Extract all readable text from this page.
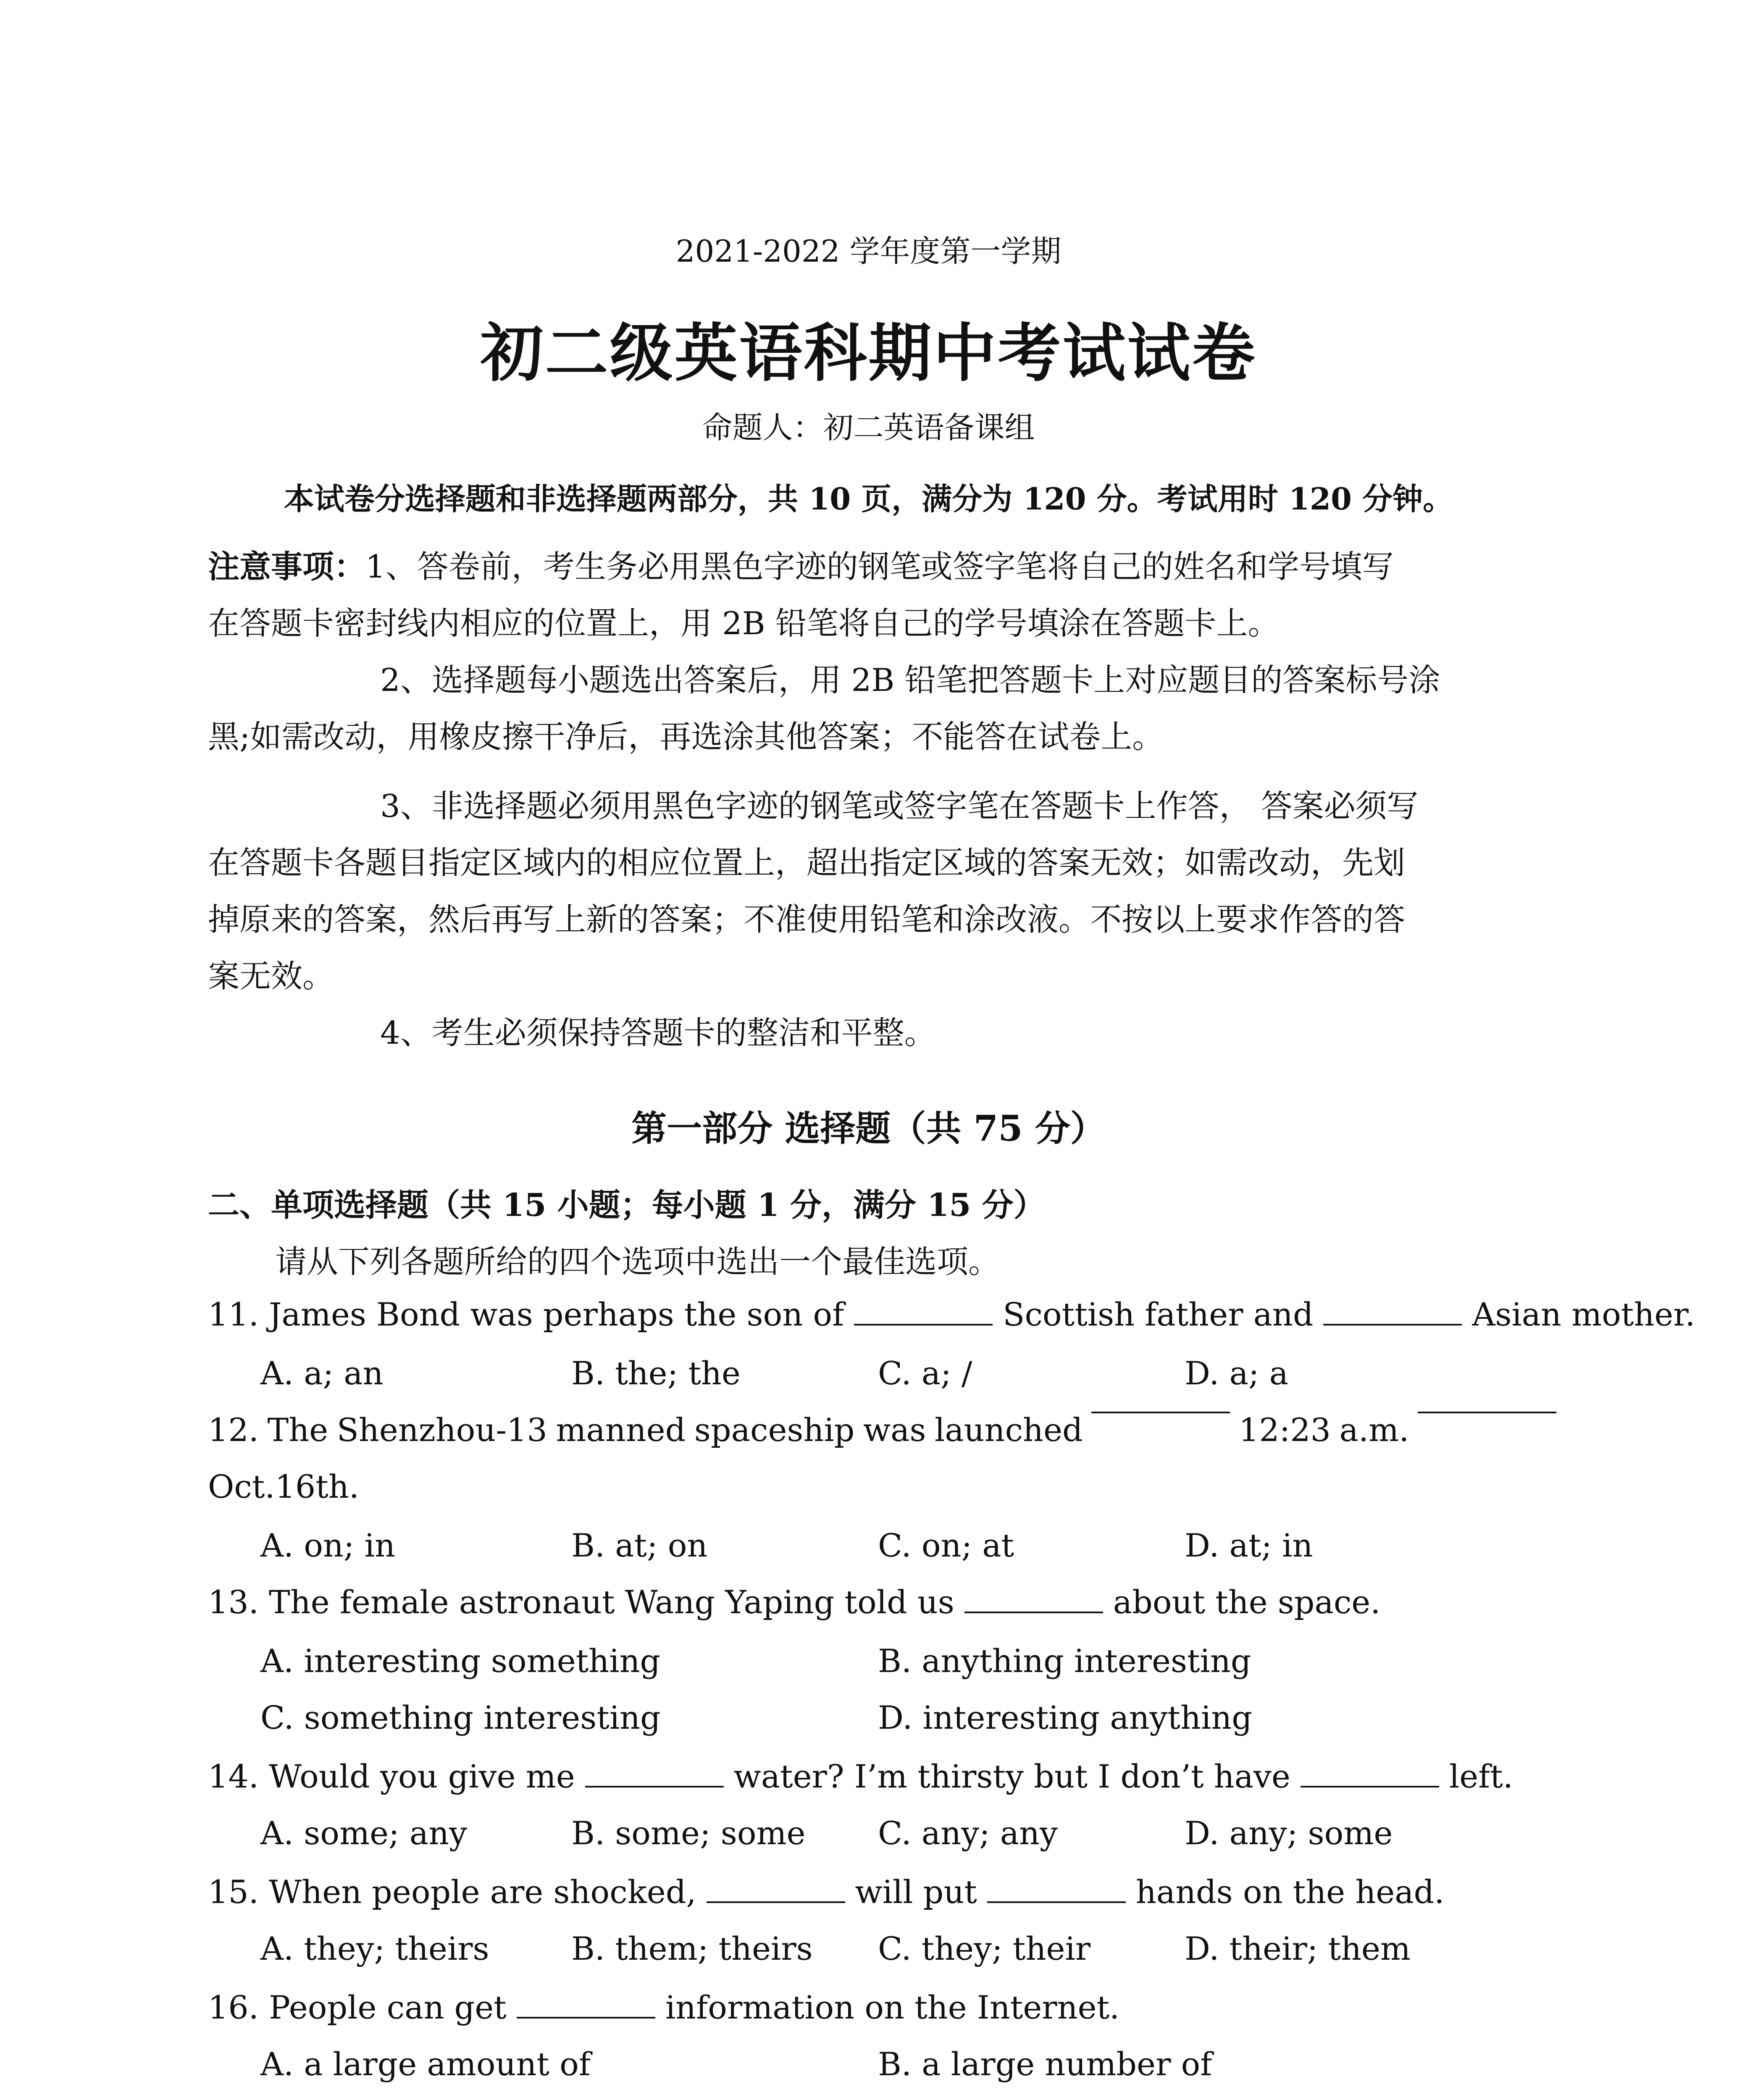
2021-2022 学年度第一学期
初二级英语科期中考试试卷
命题人：初二英语备课组
本试卷分选择题和非选择题两部分，共 10 页，满分为 120 分。考试用时 120 分钟。
注意事项：1、答卷前，考生务必用黑色字迹的钢笔或签字笔将自己的姓名和学号填写
在答题卡密封线内相应的位置上，用 2B 铅笔将自己的学号填涂在答题卡上。
2、选择题每小题选出答案后，用 2B 铅笔把答题卡上对应题目的答案标号涂
黑;如需改动，用橡皮擦干净后，再选涂其他答案；不能答在试卷上。
3、非选择题必须用黑色字迹的钢笔或签字笔在答题卡上作答， 答案必须写
在答题卡各题目指定区域内的相应位置上，超出指定区域的答案无效；如需改动，先划
掉原来的答案，然后再写上新的答案；不准使用铅笔和涂改液。不按以上要求作答的答
案无效。
4、考生必须保持答题卡的整洁和平整。
第一部分 选择题（共 75 分）
二、单项选择题（共 15 小题；每小题 1 分，满分 15 分）
请从下列各题所给的四个选项中选出一个最佳选项。
11. James Bond was perhaps the son of	Scottish father and	Asian mother.
A. a; an	B. the; the	C. a; /	D. a; a
12. The Shenzhou-13 manned spaceship was launched	12:23 a.m.
Oct.16th.
A. on; in	B. at; on	C. on; at	D. at; in
13. The female astronaut Wang Yaping told us	about the space.
A. interesting something	B. anything interesting
C. something interesting	D. interesting anything
14. Would you give me	water? I’m thirsty but I don’t have	left.
A. some; any	B. some; some C. any; any	D. any; some
15. When people are shocked,	will put	hands on the head.
A. they; theirs	B. them; theirs C. they; their	D. their; them
16. People can get	information on the Internet.
A. a large amount of	B. a large number of
